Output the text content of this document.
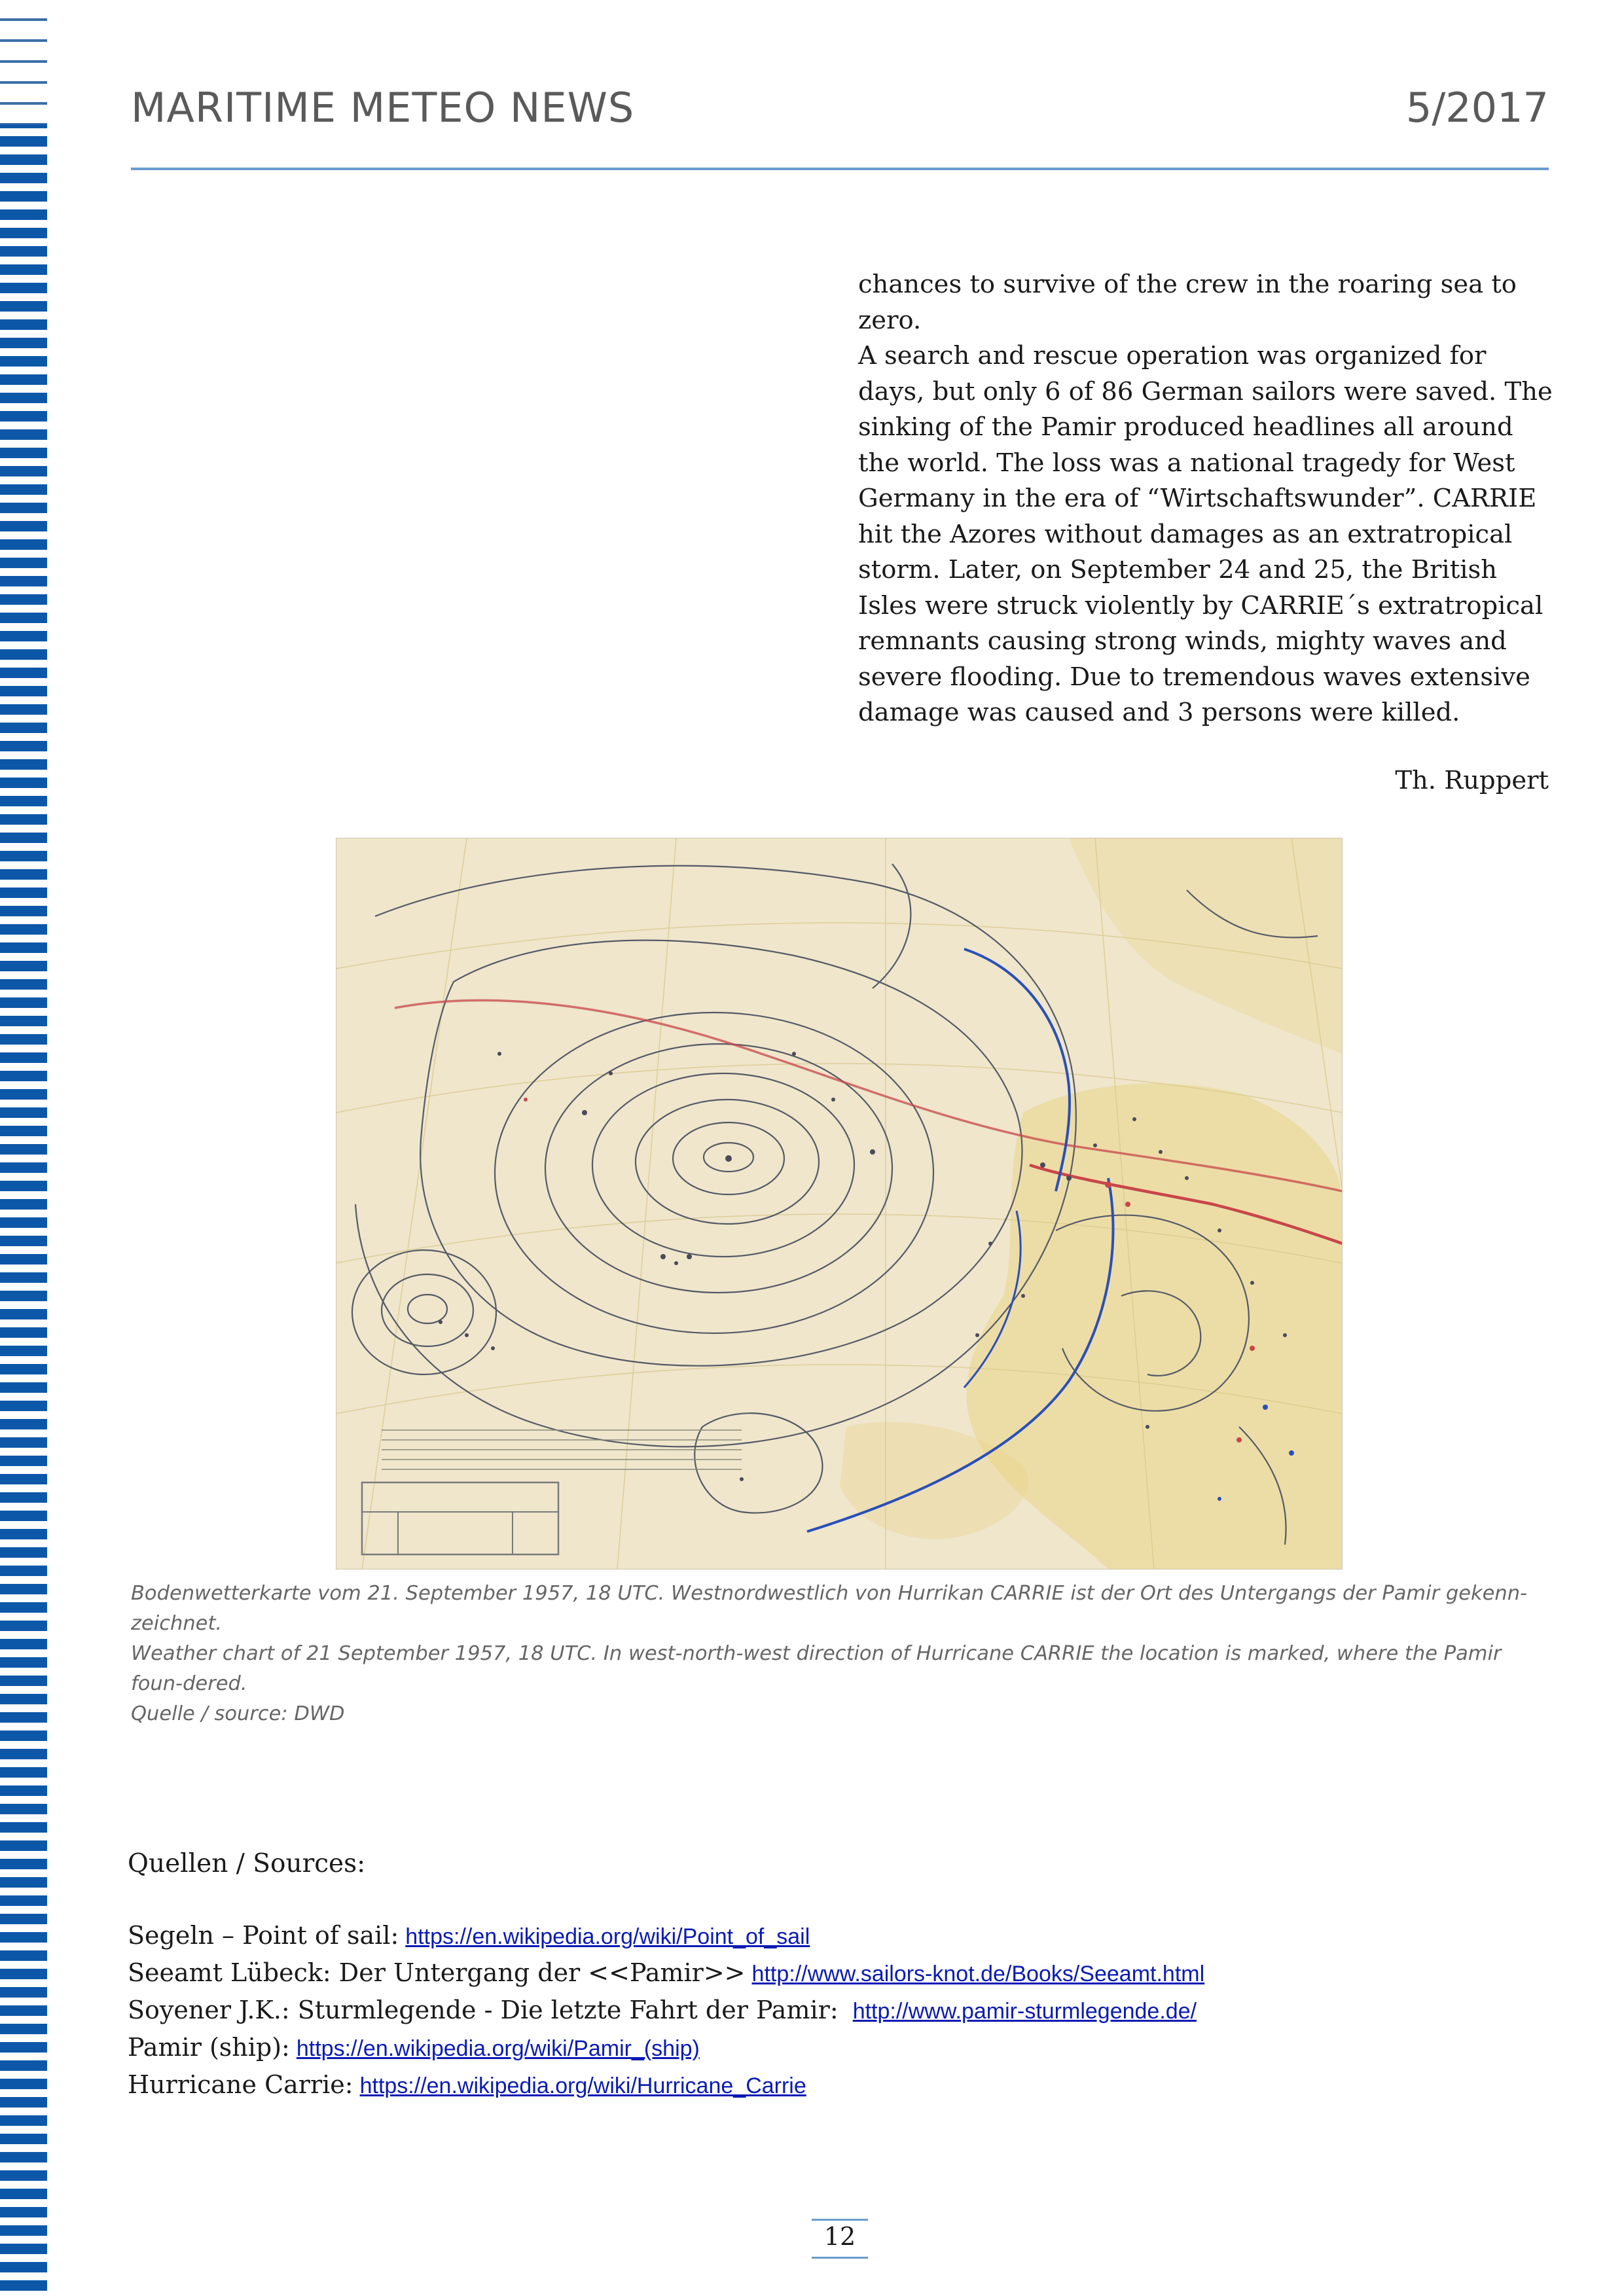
MARITIME METEO NEWS	5/2017

chances to survive of the crew in the roaring sea to zero.

A search and rescue operation was organized for days, but only 6 of 86 German sailors were saved. The sinking of the Pamir produced headlines all around the world. The loss was a national tragedy for West Germany in the era of “Wirtschaftswunder”. CARRIE hit the Azores without damages as an extratropical storm. Later, on September 24 and 25, the British Isles were struck violently by CARRIE´s extratropical remnants causing strong winds, mighty waves and severe flooding. Due to tremendous waves extensive damage was caused and 3 persons were killed.

Th. Ruppert

Bodenwetterkarte vom 21. September 1957, 18 UTC. Westnordwestlich von Hurrikan CARRIE ist der Ort des Untergangs der Pamir gekenn-zeichnet.

Weather chart of 21 September 1957, 18 UTC. In west-north-west direction of Hurricane CARRIE the location is marked, where the Pamir foun-dered.

Quelle / source: DWD

Quellen / Sources:
Segeln – Point of sail: https://en.wikipedia.org/wiki/Point_of_sail
Seeamt Lübeck: Der Untergang der <<Pamir>> http://www.sailors-knot.de/Books/Seeamt.html
Soyener J.K.: Sturmlegende - Die letzte Fahrt der Pamir: http://www.pamir-sturmlegende.de/
Pamir (ship): https://en.wikipedia.org/wiki/Pamir_(ship)
Hurricane Carrie: https://en.wikipedia.org/wiki/Hurricane_Carrie
12
